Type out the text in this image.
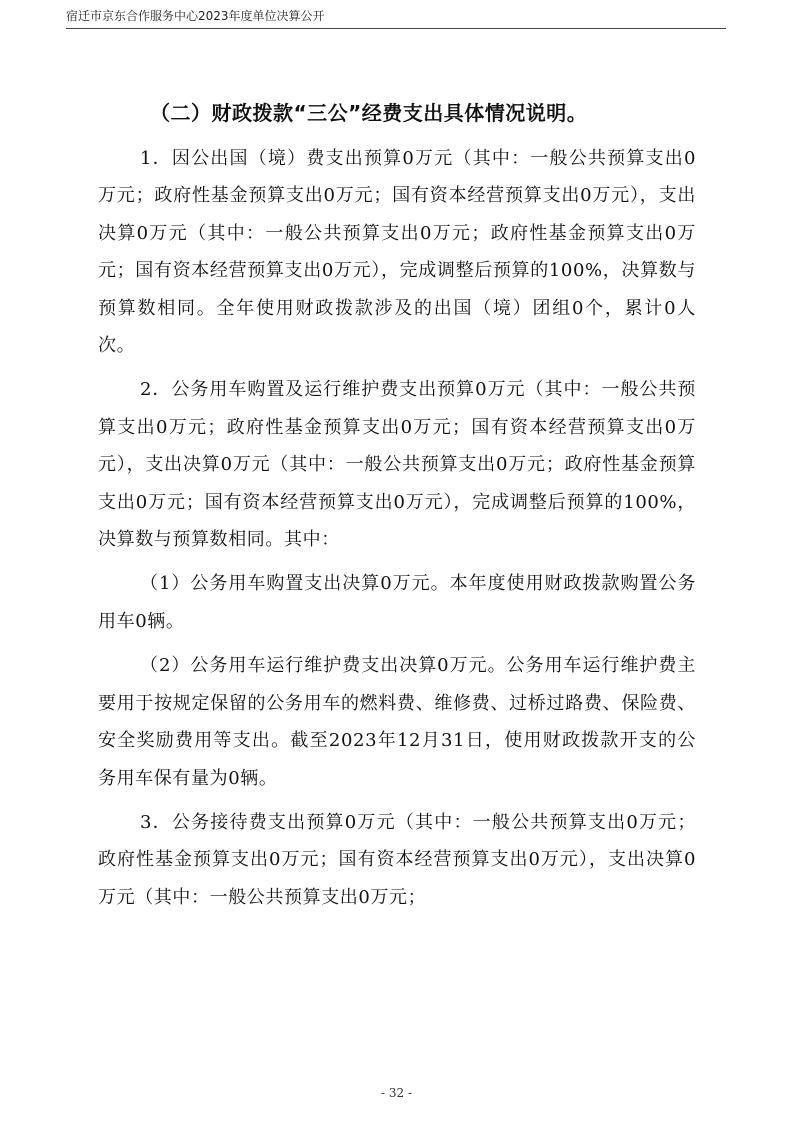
宿迁市京东合作服务中心2023年度单位决算公开
（二）财政拨款“三公”经费支出具体情况说明。

1．因公出国（境）费支出预算0万元（其中：一般公共预算支出0万元；政府性基金预算支出0万元；国有资本经营预算支出0万元），支出决算0万元（其中：一般公共预算支出0万元；政府性基金预算支出0万元；国有资本经营预算支出0万元），完成调整后预算的100%，决算数与预算数相同。全年使用财政拨款涉及的出国（境）团组0个，累计0人次。

2．公务用车购置及运行维护费支出预算0万元（其中：一般公共预算支出0万元；政府性基金预算支出0万元；国有资本经营预算支出0万元），支出决算0万元（其中：一般公共预算支出0万元；政府性基金预算支出0万元；国有资本经营预算支出0万元），完成调整后预算的100%，决算数与预算数相同。其中：

（1）公务用车购置支出决算0万元。本年度使用财政拨款购置公务用车0辆。

（2）公务用车运行维护费支出决算0万元。公务用车运行维护费主要用于按规定保留的公务用车的燃料费、维修费、过桥过路费、保险费、安全奖励费用等支出。截至2023年12月31日，使用财政拨款开支的公务用车保有量为0辆。

3．公务接待费支出预算0万元（其中：一般公共预算支出0万元；政府性基金预算支出0万元；国有资本经营预算支出0万元），支出决算0万元（其中：一般公共预算支出0万元；

- 32 -
